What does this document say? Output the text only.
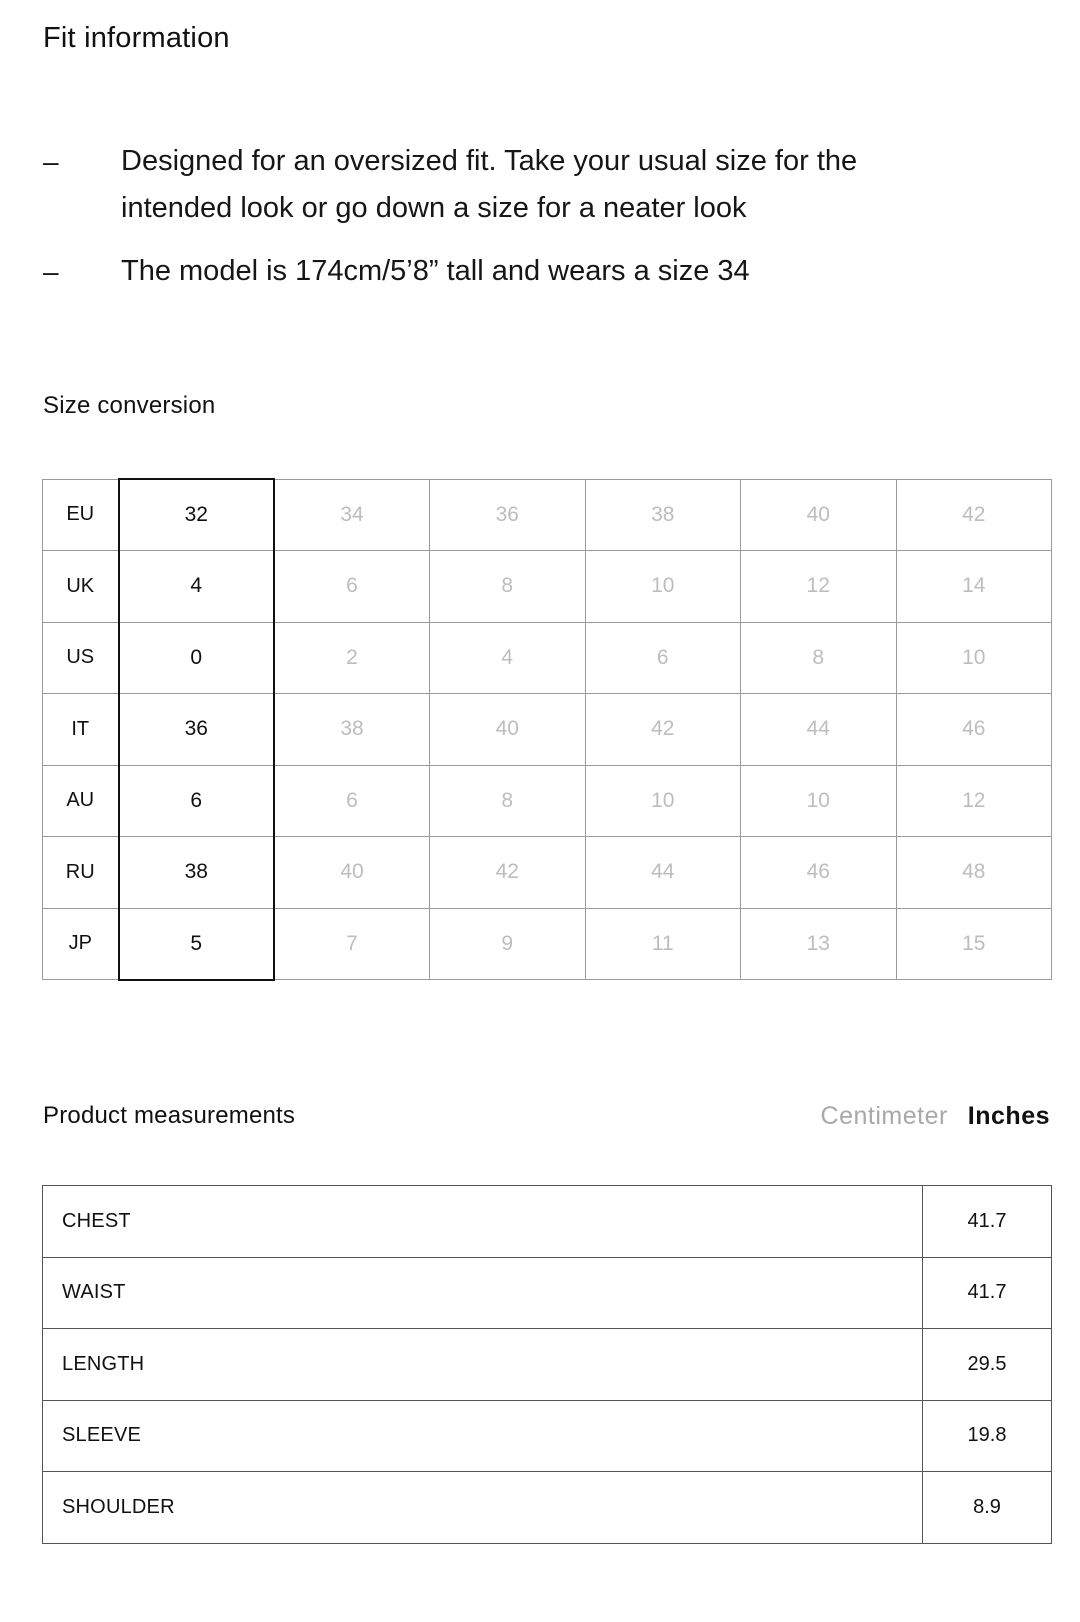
Fit information
–	Designed for an oversized fit. Take your usual size for the intended look or go down a size for a neater look
–	The model is 174cm/5’8” tall and wears a size 34
Size conversion
EU	32	34	36	38	40	42
UK	4	6	8	10	12	14
US	0	2	4	6	8	10
IT	36	38	40	42	44	46
AU	6	6	8	10	10	12
RU	38	40	42	44	46	48
JP	5	7	9	11	13	15
Product measurements	Centimeter Inches
CHEST	41.7
WAIST	41.7
LENGTH	29.5
SLEEVE	19.8
SHOULDER	8.9
